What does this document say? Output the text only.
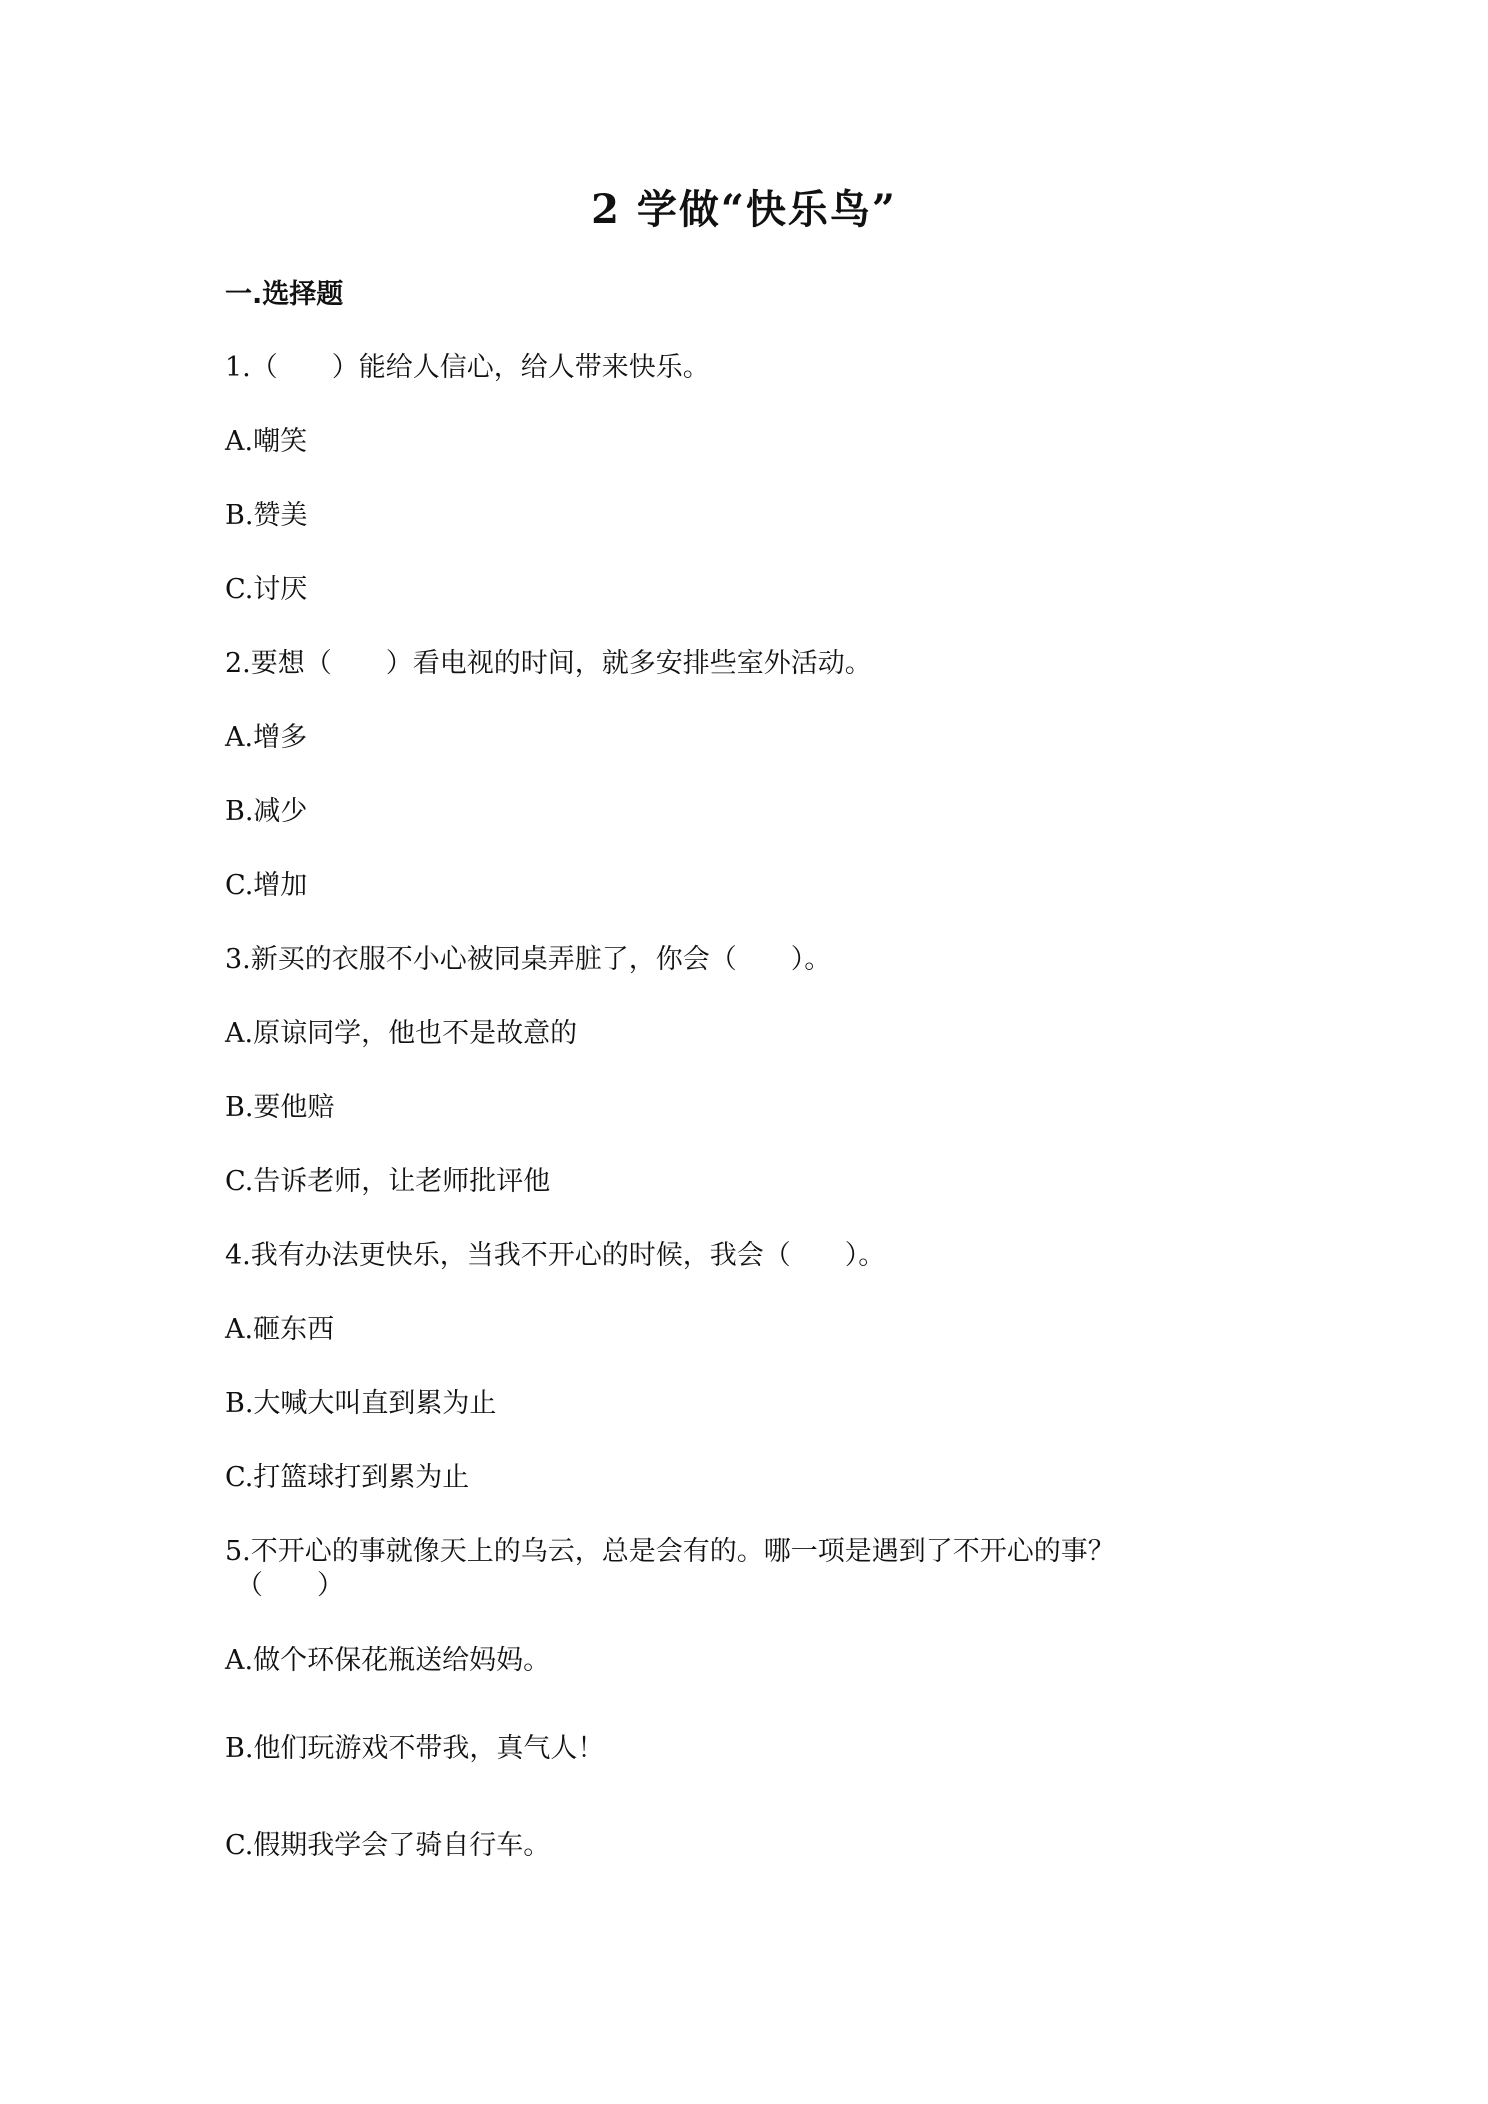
2 学做“快乐鸟”
一.选择题
1.（　　）能给人信心，给人带来快乐。
A.嘲笑
B.赞美
C.讨厌
2.要想（　　）看电视的时间，就多安排些室外活动。
A.增多
B.减少
C.增加
3.新买的衣服不小心被同桌弄脏了，你会（　　）。
A.原谅同学，他也不是故意的
B.要他赔
C.告诉老师，让老师批评他
4.我有办法更快乐，当我不开心的时候，我会（　　）。
A.砸东西
B.大喊大叫直到累为止
C.打篮球打到累为止
5.不开心的事就像天上的乌云，总是会有的。哪一项是遇到了不开心的事？
（　　）
A.做个环保花瓶送给妈妈。
B.他们玩游戏不带我，真气人！
C.假期我学会了骑自行车。
